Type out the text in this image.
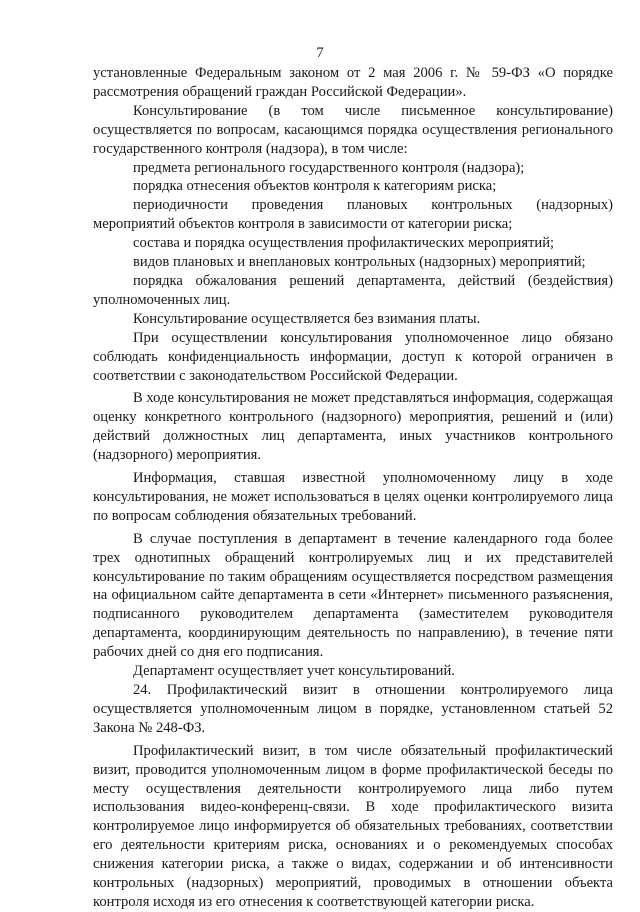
7

установленные Федеральным законом от 2 мая 2006 г. № 59-ФЗ «О порядке рассмотрения обращений граждан Российской Федерации».

Консультирование (в том числе письменное консультирование) осуществляется по вопросам, касающимся порядка осуществления регионального государственного контроля (надзора), в том числе:

предмета регионального государственного контроля (надзора);

порядка отнесения объектов контроля к категориям риска;

периодичности проведения плановых контрольных (надзорных) мероприятий объектов контроля в зависимости от категории риска;

состава и порядка осуществления профилактических мероприятий;

видов плановых и внеплановых контрольных (надзорных) мероприятий;

порядка обжалования решений департамента, действий (бездействия) уполномоченных лиц.

Консультирование осуществляется без взимания платы.

При осуществлении консультирования уполномоченное лицо обязано соблюдать конфиденциальность информации, доступ к которой ограничен в соответствии с законодательством Российской Федерации.

В ходе консультирования не может представляться информация, содержащая оценку конкретного контрольного (надзорного) мероприятия, решений и (или) действий должностных лиц департамента, иных участников контрольного (надзорного) мероприятия.

Информация, ставшая известной уполномоченному лицу в ходе консультирования, не может использоваться в целях оценки контролируемого лица по вопросам соблюдения обязательных требований.

В случае поступления в департамент в течение календарного года более трех однотипных обращений контролируемых лиц и их представителей консультирование по таким обращениям осуществляется посредством размещения на официальном сайте департамента в сети «Интернет» письменного разъяснения, подписанного руководителем департамента (заместителем руководителя департамента, координирующим деятельность по направлению), в течение пяти рабочих дней со дня его подписания.

Департамент осуществляет учет консультирований.

24. Профилактический визит в отношении контролируемого лица осуществляется уполномоченным лицом в порядке, установленном статьей 52 Закона № 248-ФЗ.

Профилактический визит, в том числе обязательный профилактический визит, проводится уполномоченным лицом в форме профилактической беседы по месту осуществления деятельности контролируемого лица либо путем использования видео-конференц-связи. В ходе профилактического визита контролируемое лицо информируется об обязательных требованиях, соответствии его деятельности критериям риска, основаниях и о рекомендуемых способах снижения категории риска, а также о видах, содержании и об интенсивности контрольных (надзорных) мероприятий, проводимых в отношении объекта контроля исходя из его отнесения к соответствующей категории риска.
